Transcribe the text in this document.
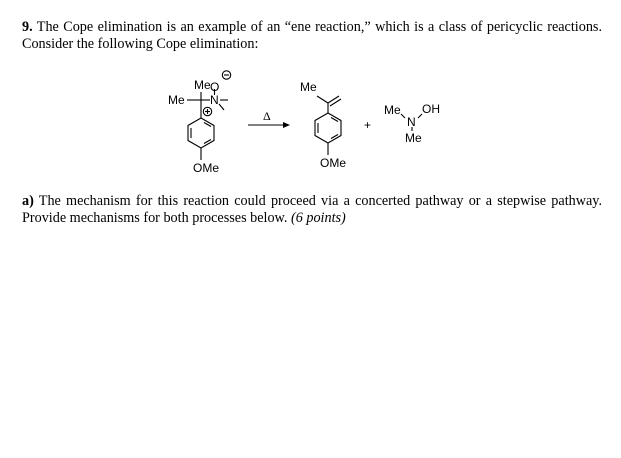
9. The Cope elimination is an example of an “ene reaction,” which is a class of pericyclic reactions. Consider the following Cope elimination:

Me
Me
O
N
OMe
Δ
Me
OMe
+
Me
N
OH
Me

a) The mechanism for this reaction could proceed via a concerted pathway or a stepwise pathway. Provide mechanisms for both processes below. (6 points)
